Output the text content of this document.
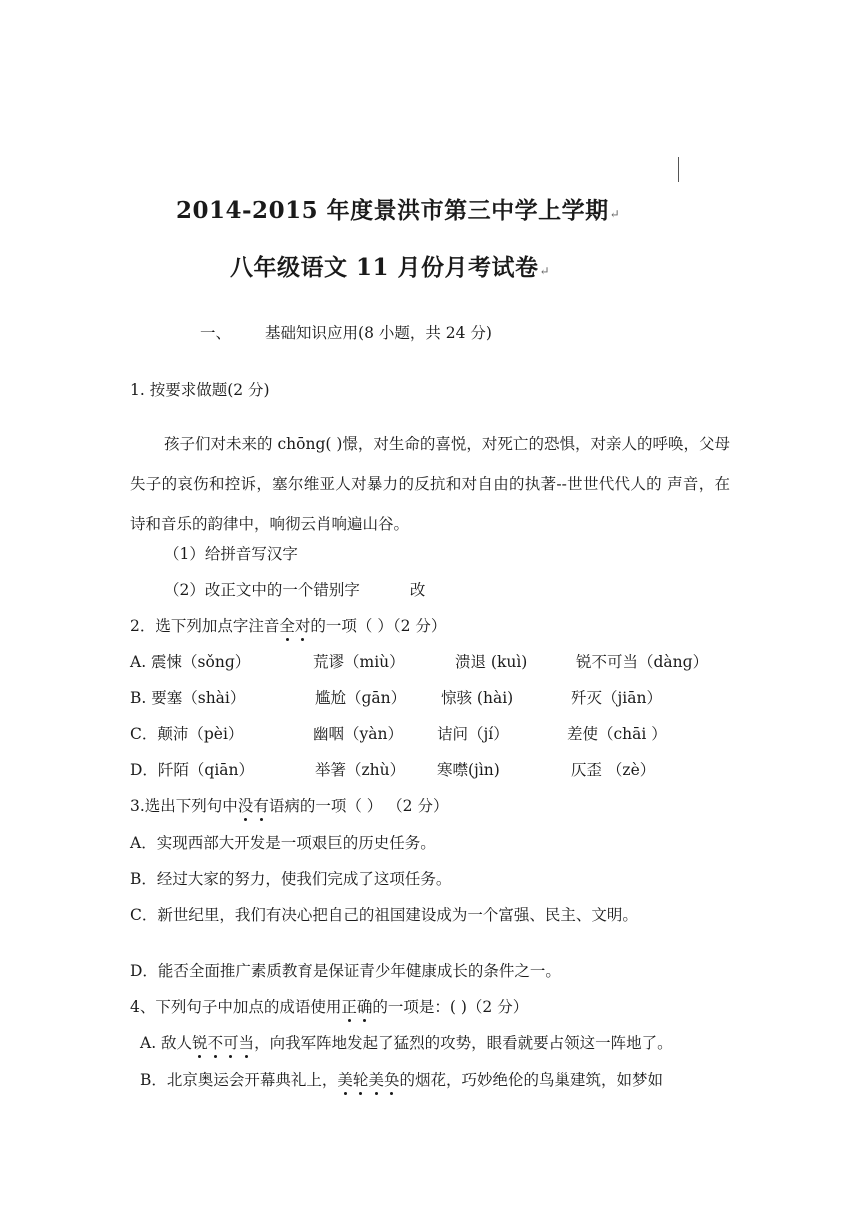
2014-2015 年度景洪市第三中学上学期↵
八年级语文 11 月份月考试卷↵
一、 基础知识应用(8 小题，共 24 分)
1. 按要求做题(2 分)
孩子们对未来的 chōng( )憬，对生命的喜悦，对死亡的恐惧，对亲人的呼唤，父母失子的哀伤和控诉，塞尔维亚人对暴力的反抗和对自由的执著--世世代代人的 声音，在诗和音乐的韵律中，响彻云肖响遍山谷。
（1）给拼音写汉字
（2）改正文中的一个错别字	改
2．选下列加点字注音全对的一项（ ）（2 分）
A. 震悚（sǒnɡ）	荒谬（miù）	溃退 (kuì)	锐不可当（dànɡ）
B. 要塞（shài）	尴尬（ɡān） 惊骇 (hài)	歼灭（jiān）
C．颠沛（pèi）	幽咽（yàn） 诘问（jí）	差使（chāi ）
D．阡陌（qiān）	举箸（zhù） 寒噤(jìn)	仄歪 （zè）
3.选出下列句中没有语病的一项（ ） （2 分）
A．实现西部大开发是一项艰巨的历史任务。
B．经过大家的努力，使我们完成了这项任务。
C．新世纪里，我们有决心把自己的祖国建设成为一个富强、民主、文明。
D．能否全面推广素质教育是保证青少年健康成长的条件之一。
4、下列句子中加点的成语使用正确的一项是：( )（2 分）
A. 敌人锐不可当，向我军阵地发起了猛烈的攻势，眼看就要占领这一阵地了。
B．北京奥运会开幕典礼上，美轮美奂的烟花，巧妙绝伦的鸟巢建筑，如梦如
